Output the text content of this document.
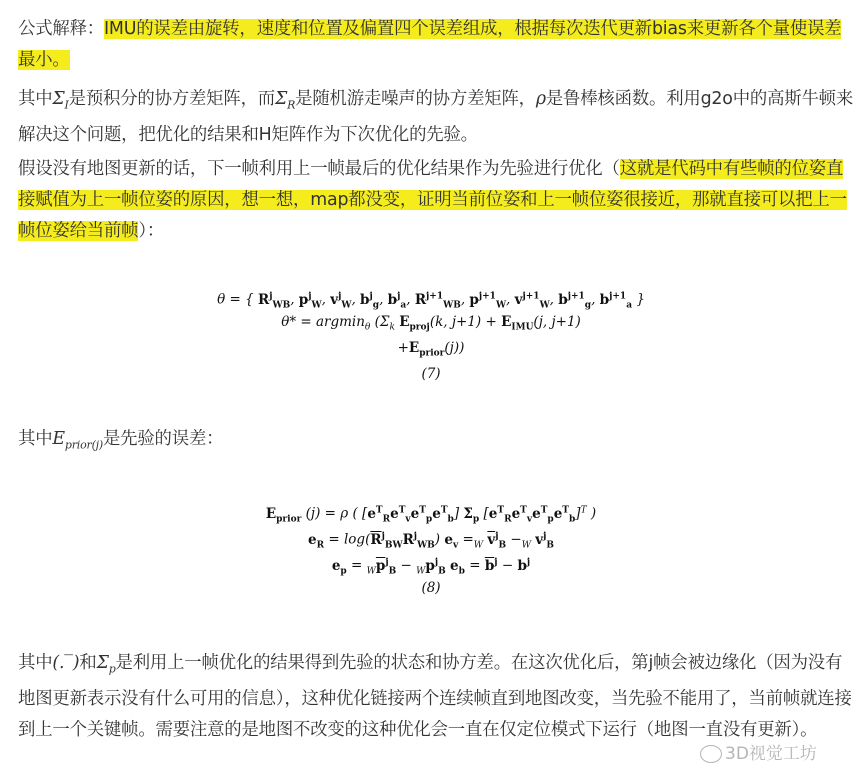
公式解释：IMU的误差由旋转，速度和位置及偏置四个误差组成，根据每次迭代更新bias来更新各个量使误差最小。
其中$\Sigma_I$是预积分的协方差矩阵，而$\Sigma_R$是随机游走噪声的协方差矩阵，ρ是鲁棒核函数。利用g2o中的高斯牛顿来解决这个问题，把优化的结果和H矩阵作为下次优化的先验。
假设没有地图更新的话，下一帧利用上一帧最后的优化结果作为先验进行优化（这就是代码中有些帧的位姿直接赋值为上一帧位姿的原因，想一想，map都没变，证明当前位姿和上一帧位姿很接近，那就直接可以把上一帧位姿给当前帧）：
θ = { $R^j_{WB}$, $p^j_W$, $v^j_W$, $b^j_g$, $b^j_a$, $R^{j+1}_{WB}$, $p^{j+1}_W$, $v^{j+1}_W$, $b^{j+1}_g$, $b^{j+1}_a$ }
θ* = argmin$_\theta$ ($\Sigma_k$ $E_{proj}(k$, $j+1) + E_{IMU}(j$, j+1)
$+E_{prior}(j)$)
(7)
其中$E_{prior(j)}$是先验的误差：
$E_{prior}$ (j) = ρ ( $[e^T_Re^T_ve^T_pe^T_b]$ $\Sigma_p$ $[e^T_Re^T_ve^T_pe^T_b]^T$ )
$e_R = \log(\overline{R}^j_{BW}R^j_{WB})$ $e_v =_W$ $\overline{v}^j_B -_W$ $v^j_B$
$e_p = _W\overline{p}^j_B - _Wp^j_B$ $e_b = \overline{b}^j - b^j$
(8)
其中(.‾)和$\Sigma_p$是利用上一帧优化的结果得到先验的状态和协方差。在这次优化后，第j帧会被边缘化（因为没有地图更新表示没有什么可用的信息），这种优化链接两个连续帧直到地图改变，当先验不能用了，当前帧就连接到上一个关键帧。需要注意的是地图不改变的这种优化会一直在仅定位模式下运行（地图一直没有更新）。
3D视觉工坊
